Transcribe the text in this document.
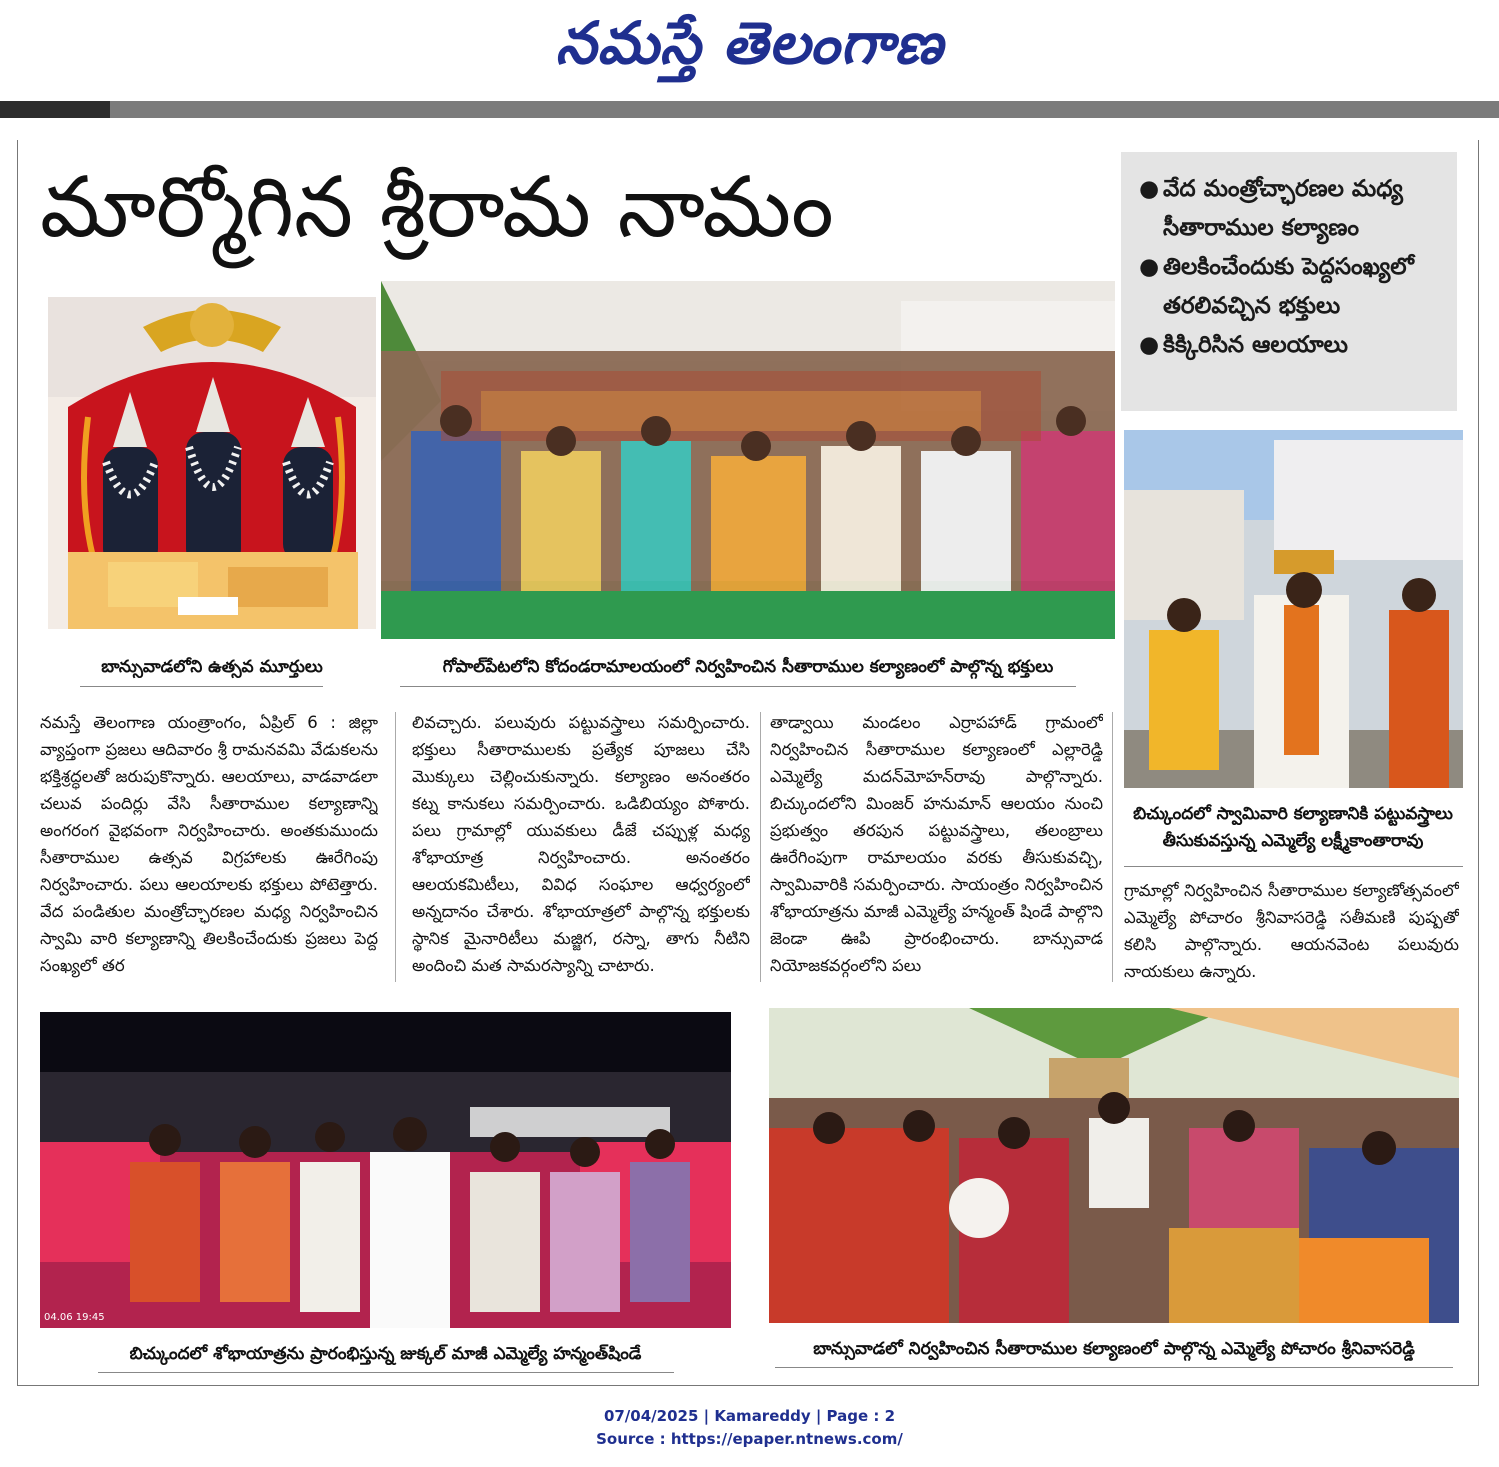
నమస్తే తెలంగాణ
మార్మోగిన శ్రీరామ నామం	● వేద మంత్రోచ్ఛారణల మధ్య సీతారాముల కల్యాణం
● తిలకించేందుకు పెద్దసంఖ్యలో తరలివచ్చిన భక్తులు
● కిక్కిరిసిన ఆలయాలు
బాన్సువాడలోని ఉత్సవ మూర్తులు	గోపాల్‌పేటలోని కోదండరామాలయంలో నిర్వహించిన సీతారాముల కల్యాణంలో పాల్గొన్న భక్తులు
బిచ్కుందలో స్వామివారి కల్యాణానికి పట్టువస్త్రాలు తీసుకువస్తున్న ఎమ్మెల్యే లక్ష్మీకాంతారావు
నమస్తే తెలంగాణ యంత్రాంగం, ఏప్రిల్ 6 : జిల్లా వ్యాప్తంగా ప్రజలు ఆదివారం శ్రీ రామనవమి వేడుకలను భక్తిశ్రద్ధలతో జరుపుకొన్నారు. ఆలయాలు, వాడవాడలా చలువ పందిర్లు వేసి సీతారాముల కల్యాణాన్ని అంగరంగ వైభవంగా నిర్వహించారు. అంతకుముందు సీతారాముల ఉత్సవ విగ్రహాలకు ఊరేగింపు నిర్వహించారు. పలు ఆలయాలకు భక్తులు పోటెత్తారు. వేద పండితుల మంత్రోచ్ఛారణల మధ్య నిర్వహించిన స్వామి వారి కల్యాణాన్ని తిలకించేందుకు ప్రజలు పెద్ద సంఖ్యలో తర
లివచ్చారు. పలువురు పట్టువస్త్రాలు సమర్పించారు. భక్తులు సీతారాములకు ప్రత్యేక పూజలు చేసి మొక్కులు చెల్లించుకున్నారు. కల్యాణం అనంతరం కట్న కానుకలు సమర్పించారు. ఒడిబియ్యం పోశారు. పలు గ్రామాల్లో యువకులు డీజే చప్పుళ్ల మధ్య శోభాయాత్ర నిర్వహించారు. అనంతరం ఆలయకమిటీలు, వివిధ సంఘాల ఆధ్వర్యంలో అన్నదానం చేశారు. శోభాయాత్రలో పాల్గొన్న భక్తులకు స్థానిక మైనారిటీలు మజ్జిగ, రస్నా, తాగు నీటిని అందించి మత సామరస్యాన్ని చాటారు.
తాడ్వాయి మండలం ఎర్రాపహాడ్ గ్రామంలో నిర్వహించిన సీతారాముల కల్యాణంలో ఎల్లారెడ్డి ఎమ్మెల్యే మదన్‌మోహన్‌రావు పాల్గొన్నారు. బిచ్కుందలోని మింజర్ హనుమాన్ ఆలయం నుంచి ప్రభుత్వం తరపున పట్టువస్త్రాలు, తలంబ్రాలు ఊరేగింపుగా రామాలయం వరకు తీసుకువచ్చి, స్వామివారికి సమర్పించారు. సాయంత్రం నిర్వహించిన శోభాయాత్రను మాజీ ఎమ్మెల్యే హన్మంత్ షిండే పాల్గొని జెండా ఊపి ప్రారంభించారు. బాన్సువాడ నియోజకవర్గంలోని పలు
గ్రామాల్లో నిర్వహించిన సీతారాముల కల్యాణోత్సవంలో ఎమ్మెల్యే పోచారం శ్రీనివాసరెడ్డి సతీమణి పుష్పతో కలిసి పాల్గొన్నారు. ఆయనవెంట పలువురు నాయకులు ఉన్నారు.
04.06 19:45
బిచ్కుందలో శోభాయాత్రను ప్రారంభిస్తున్న జుక్కల్ మాజీ ఎమ్మెల్యే హన్మంత్‌షిండే	బాన్సువాడలో నిర్వహించిన సీతారాముల కల్యాణంలో పాల్గొన్న ఎమ్మెల్యే పోచారం శ్రీనివాసరెడ్డి
07/04/2025 | Kamareddy | Page : 2
Source : https://epaper.ntnews.com/
